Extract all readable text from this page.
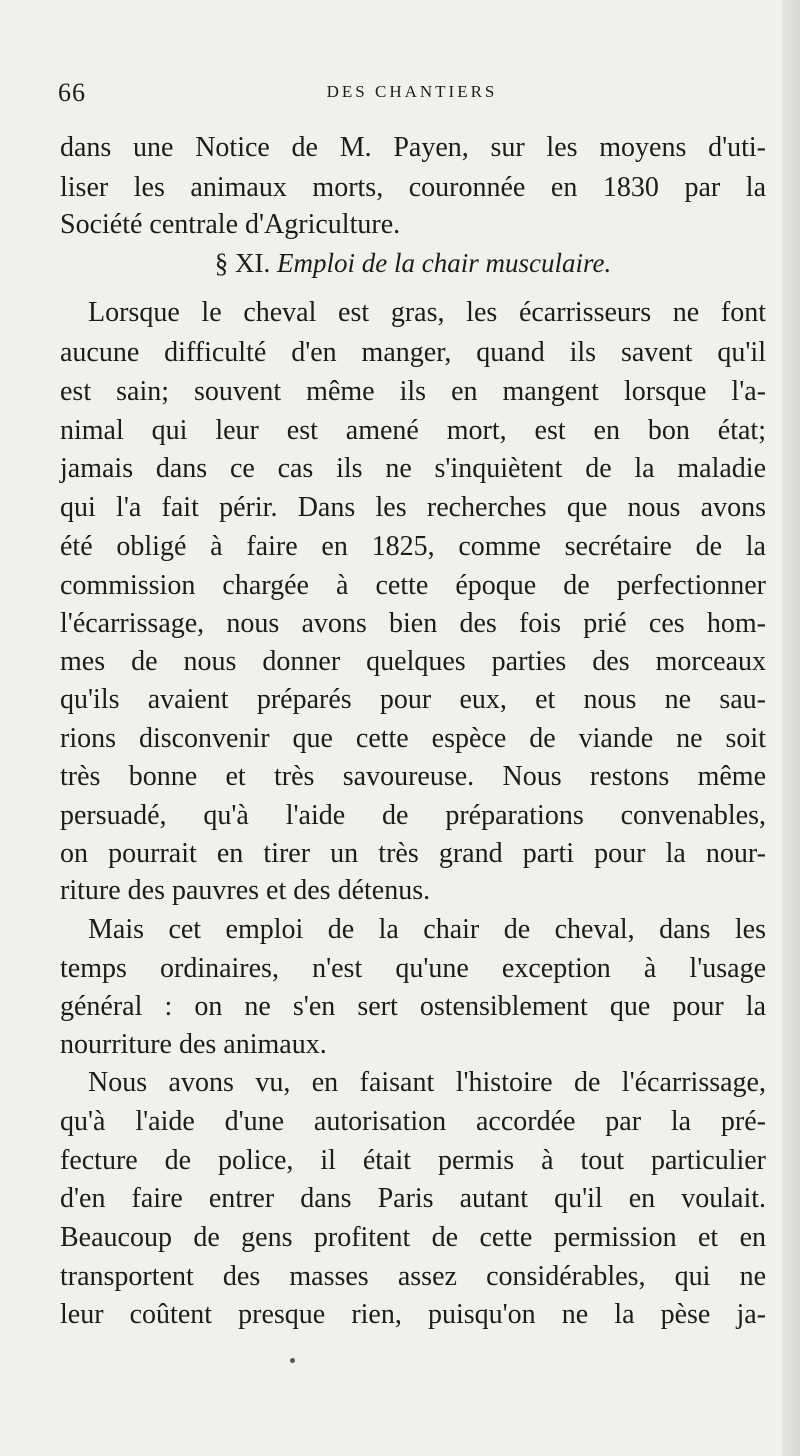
66	DES CHANTIERS
dans une Notice de M. Payen, sur les moyens d'uti-
liser les animaux morts, couronnée en 1830 par la
Société centrale d'Agriculture.
§ XI. Emploi de la chair musculaire.
Lorsque le cheval est gras, les écarrisseurs ne font
aucune difficulté d'en manger, quand ils savent qu'il
est sain; souvent même ils en mangent lorsque l'a-
nimal qui leur est amené mort, est en bon état;
jamais dans ce cas ils ne s'inquiètent de la maladie
qui l'a fait périr. Dans les recherches que nous avons
été obligé à faire en 1825, comme secrétaire de la
commission chargée à cette époque de perfectionner
l'écarrissage, nous avons bien des fois prié ces hom-
mes de nous donner quelques parties des morceaux
qu'ils avaient préparés pour eux, et nous ne sau-
rions disconvenir que cette espèce de viande ne soit
très bonne et très savoureuse. Nous restons même
persuadé, qu'à l'aide de préparations convenables,
on pourrait en tirer un très grand parti pour la nour-
riture des pauvres et des détenus.
Mais cet emploi de la chair de cheval, dans les
temps ordinaires, n'est qu'une exception à l'usage
général : on ne s'en sert ostensiblement que pour la
nourriture des animaux.
Nous avons vu, en faisant l'histoire de l'écarrissage,
qu'à l'aide d'une autorisation accordée par la pré-
fecture de police, il était permis à tout particulier
d'en faire entrer dans Paris autant qu'il en voulait.
Beaucoup de gens profitent de cette permission et en
transportent des masses assez considérables, qui ne
leur coûtent presque rien, puisqu'on ne la pèse ja-
